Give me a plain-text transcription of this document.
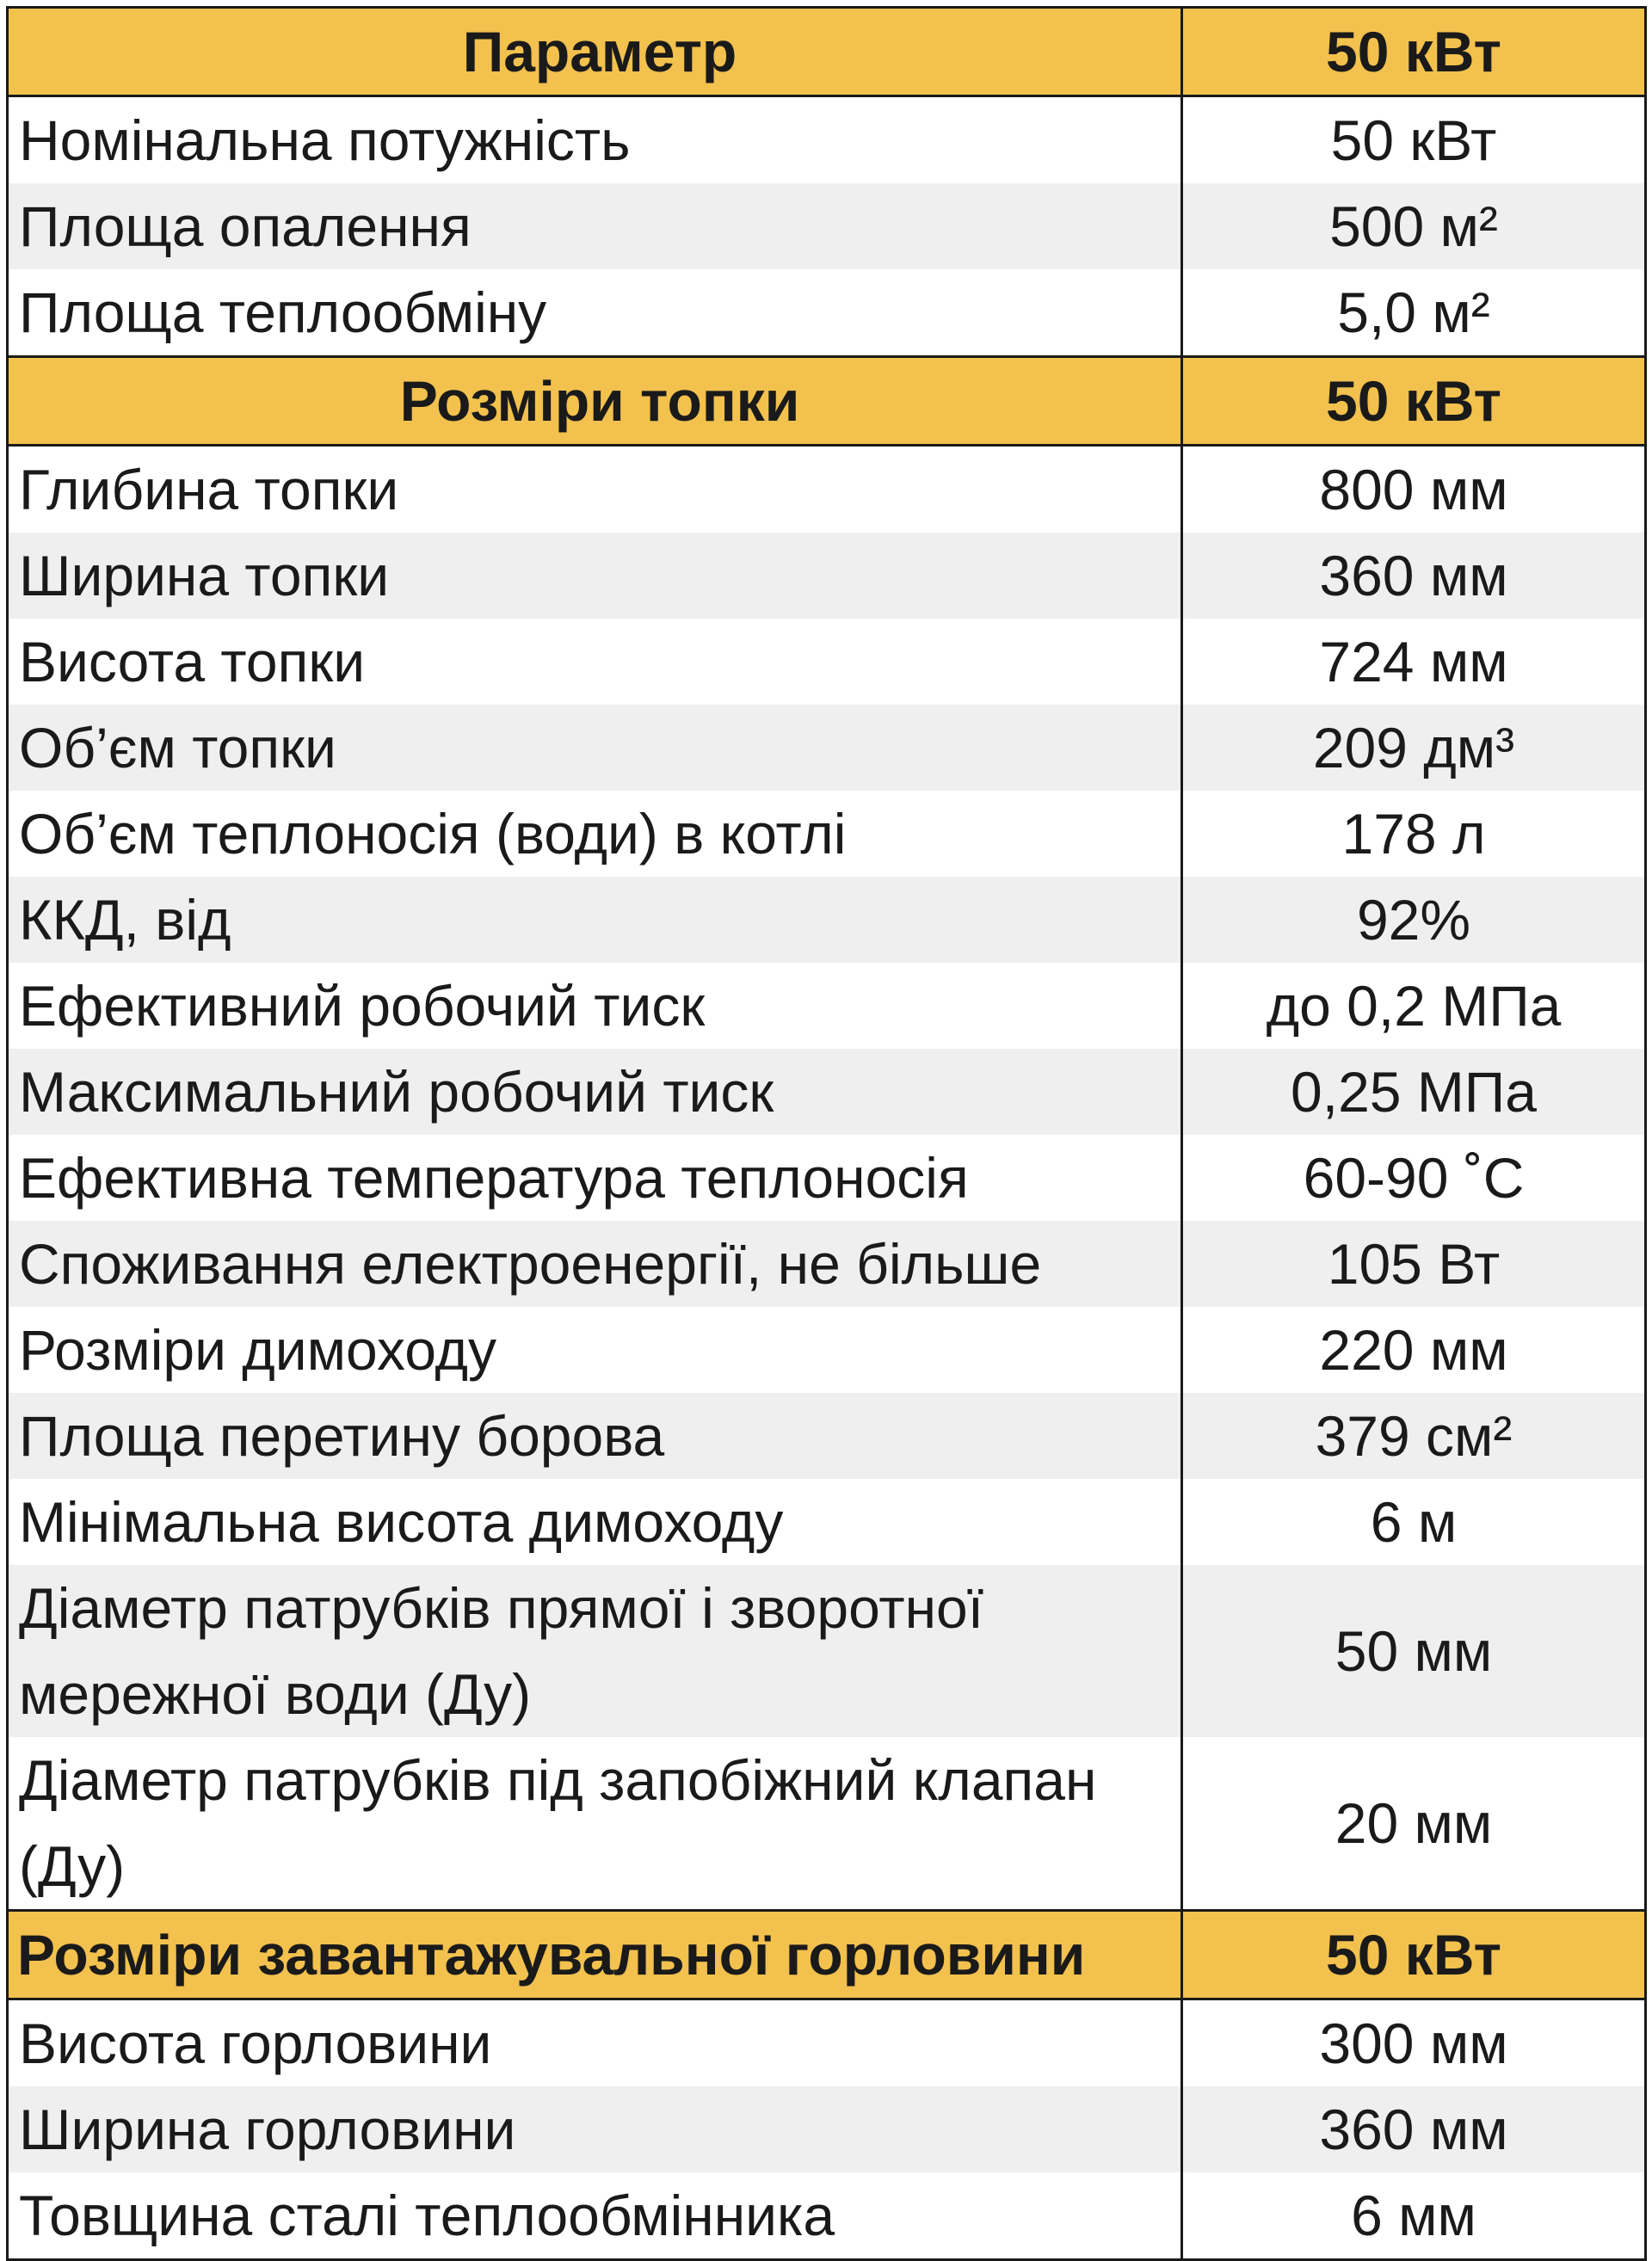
Параметр	50 кВт
Номінальна потужність	50 кВт
Площа опалення	500 м²
Площа теплообміну	5,0 м²
Розміри топки	50 кВт
Глибина топки	800 мм
Ширина топки	360 мм
Висота топки	724 мм
Об’єм топки	209 дм³
Об’єм теплоносія (води) в котлі	178 л
ККД, від	92%
Ефективний робочий тиск	до 0,2 МПа
Максимальний робочий тиск	0,25 МПа
Ефективна температура теплоносія	60-90 ˚С
Споживання електроенергії, не більше	105 Вт
Розміри димоходу	220 мм
Площа перетину борова	379 см²
Мінімальна висота димоходу	6 м
Діаметр патрубків прямої і зворотної мережної води (Ду)	50 мм
Діаметр патрубків під запобіжний клапан (Ду)	20 мм
Розміри завантажувальної горловини	50 кВт
Висота горловини	300 мм
Ширина горловини	360 мм
Товщина сталі теплообмінника	6 мм
